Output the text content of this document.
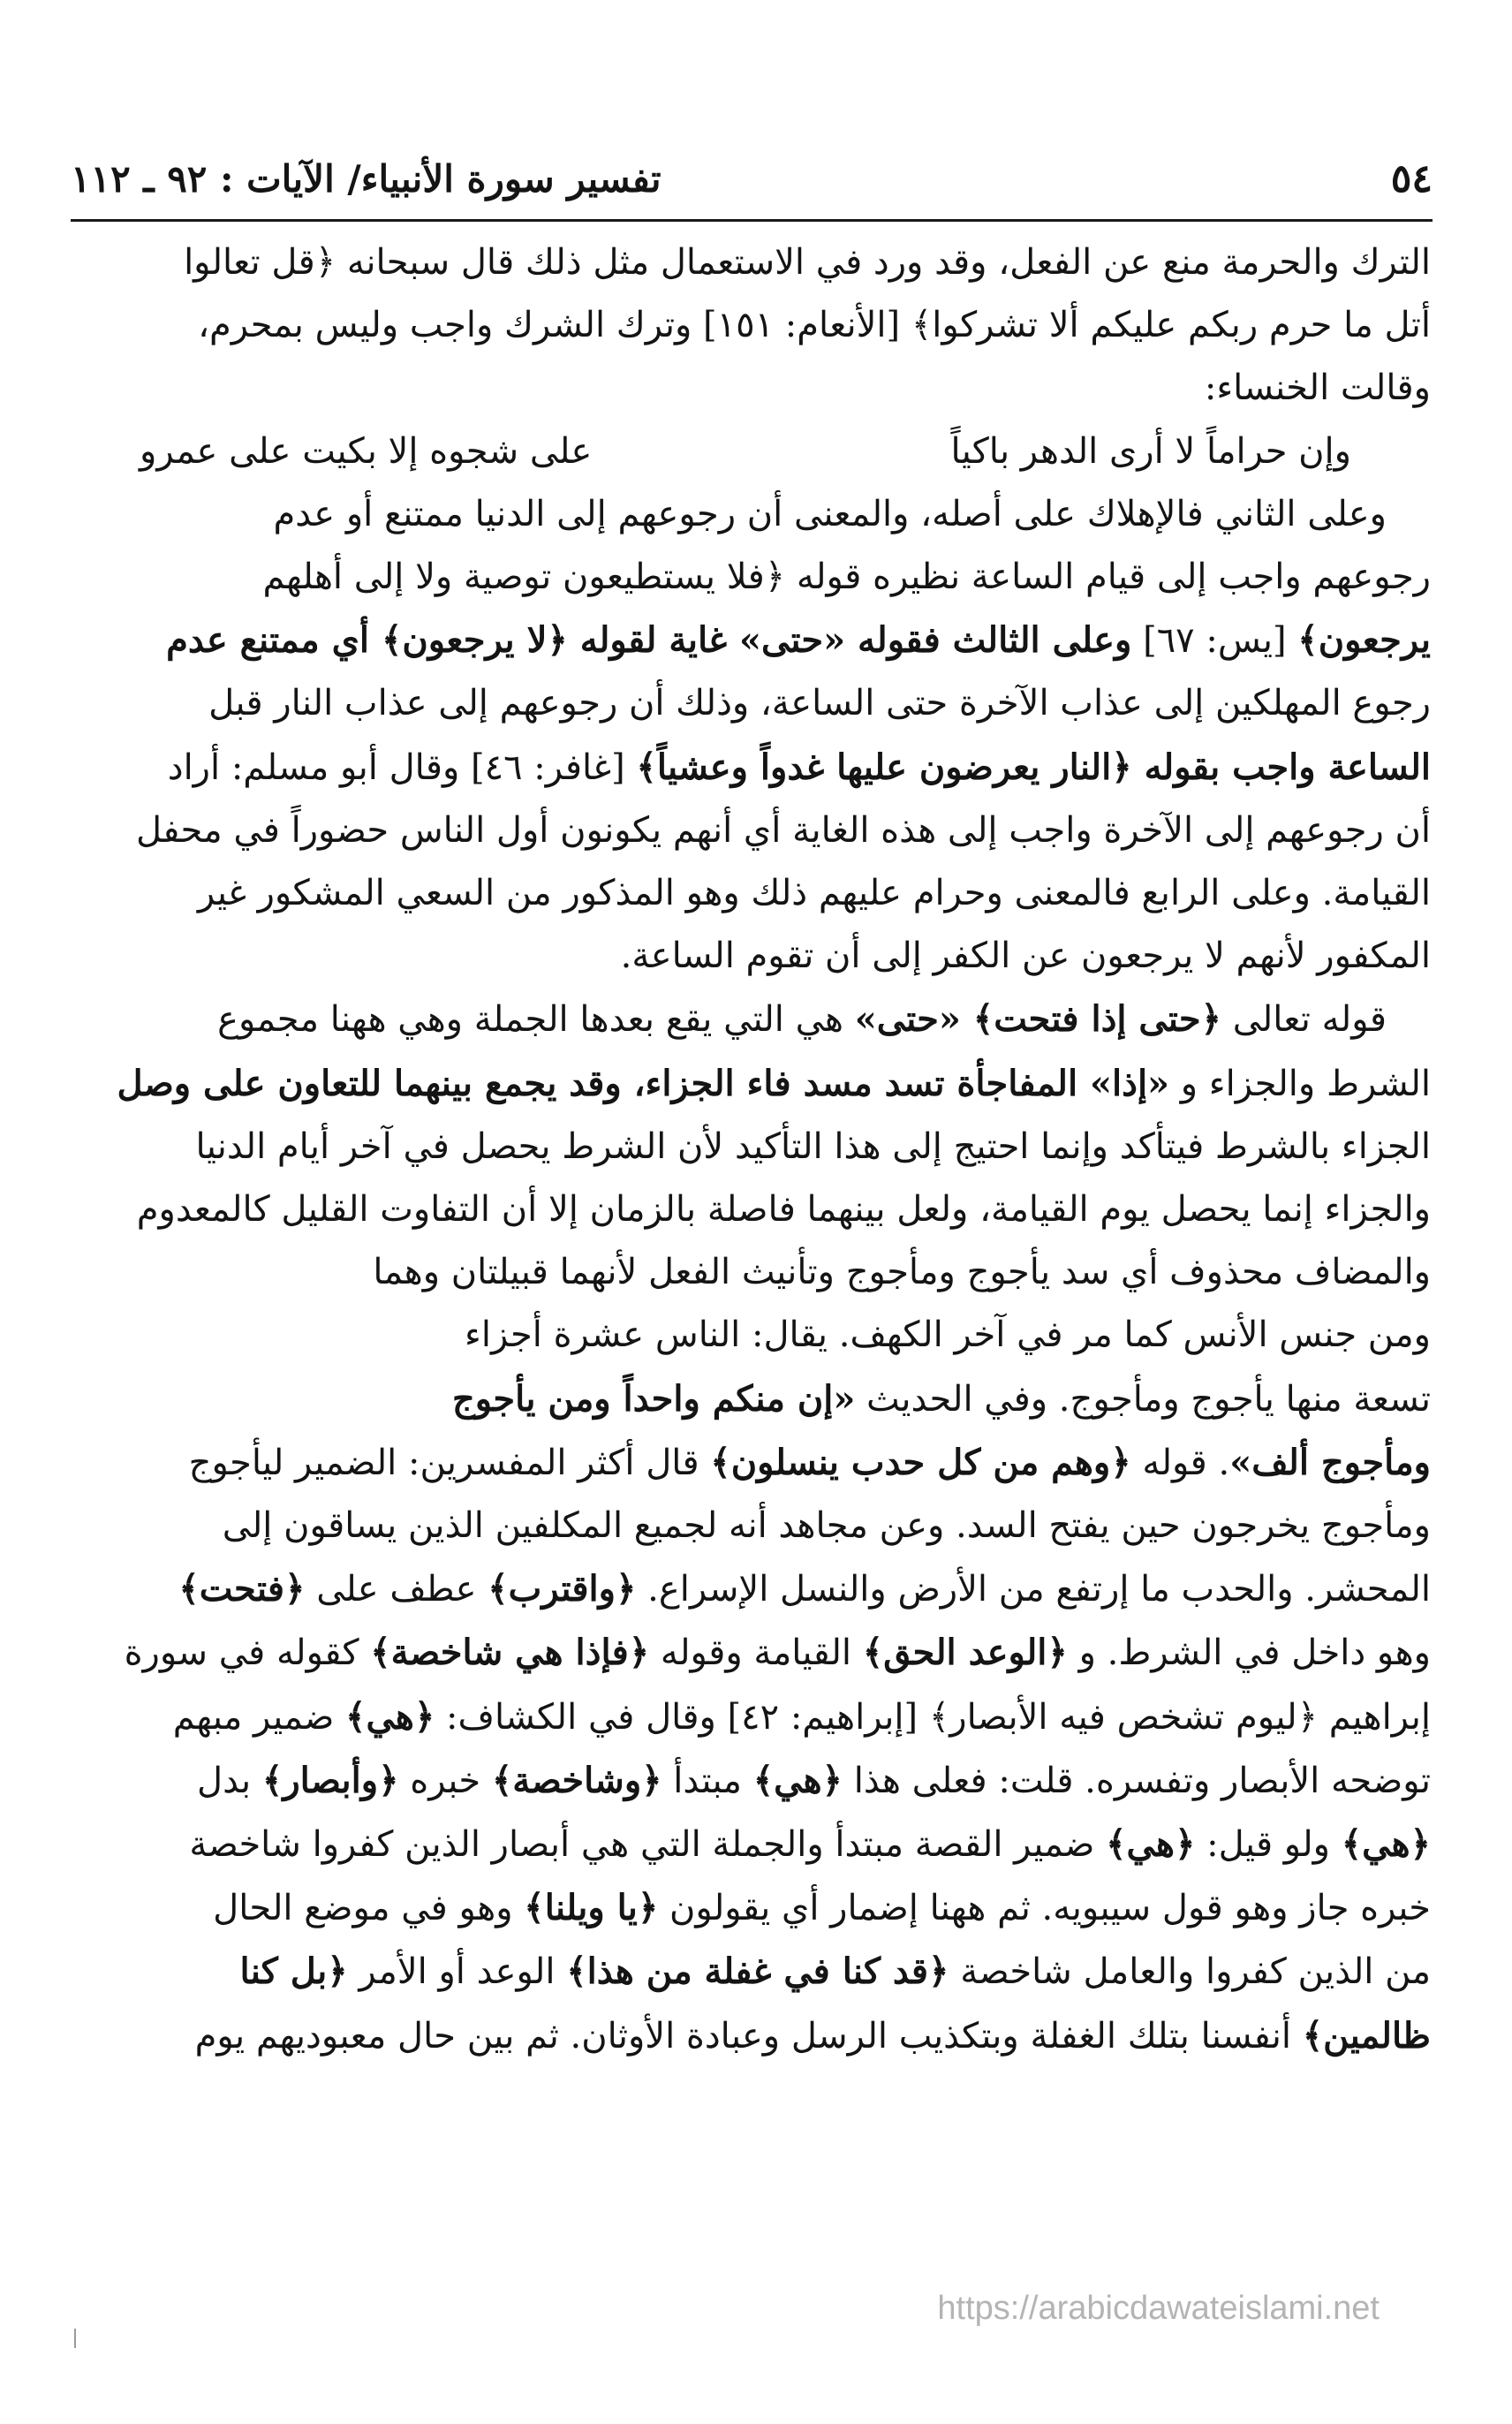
٥٤
تفسير سورة الأنبياء/ الآيات : ٩٢ ـ ١١٢

الترك والحرمة منع عن الفعل، وقد ورد في الاستعمال مثل ذلك قال سبحانه ﴿قل تعالوا

أتل ما حرم ربكم عليكم ألا تشركوا﴾ [الأنعام: ١٥١] وترك الشرك واجب وليس بمحرم،

وقالت الخنساء:

وإن حراماً لا أرى الدهر باكياً
على شجوه إلا بكيت على عمرو

وعلى الثاني فالإهلاك على أصله، والمعنى أن رجوعهم إلى الدنيا ممتنع أو عدم

رجوعهم واجب إلى قيام الساعة نظيره قوله ﴿فلا يستطيعون توصية ولا إلى أهلهم

يرجعون﴾ [يس: ٦٧] وعلى الثالث فقوله «حتى» غاية لقوله ﴿لا يرجعون﴾ أي ممتنع عدم

رجوع المهلكين إلى عذاب الآخرة حتى الساعة، وذلك أن رجوعهم إلى عذاب النار قبل

الساعة واجب بقوله ﴿النار يعرضون عليها غدواً وعشياً﴾ [غافر: ٤٦] وقال أبو مسلم: أراد

أن رجوعهم إلى الآخرة واجب إلى هذه الغاية أي أنهم يكونون أول الناس حضوراً في محفل

القيامة. وعلى الرابع فالمعنى وحرام عليهم ذلك وهو المذكور من السعي المشكور غير

المكفور لأنهم لا يرجعون عن الكفر إلى أن تقوم الساعة.

قوله تعالى ﴿حتى إذا فتحت﴾ «حتى» هي التي يقع بعدها الجملة وهي ههنا مجموع

الشرط والجزاء و «إذا» المفاجأة تسد مسد فاء الجزاء، وقد يجمع بينهما للتعاون على وصل

الجزاء بالشرط فيتأكد وإنما احتيج إلى هذا التأكيد لأن الشرط يحصل في آخر أيام الدنيا

والجزاء إنما يحصل يوم القيامة، ولعل بينهما فاصلة بالزمان إلا أن التفاوت القليل كالمعدوم

والمضاف محذوف أي سد يأجوج ومأجوج وتأنيث الفعل لأنهما قبيلتان وهما

ومن جنس الأنس كما مر في آخر الكهف. يقال: الناس عشرة أجزاء

تسعة منها يأجوج ومأجوج. وفي الحديث «إن منكم واحداً ومن يأجوج

ومأجوج ألف». قوله ﴿وهم من كل حدب ينسلون﴾ قال أكثر المفسرين: الضمير ليأجوج

ومأجوج يخرجون حين يفتح السد. وعن مجاهد أنه لجميع المكلفين الذين يساقون إلى

المحشر. والحدب ما إرتفع من الأرض والنسل الإسراع. ﴿واقترب﴾ عطف على ﴿فتحت﴾

وهو داخل في الشرط. و ﴿الوعد الحق﴾ القيامة وقوله ﴿فإذا هي شاخصة﴾ كقوله في سورة

إبراهيم ﴿ليوم تشخص فيه الأبصار﴾ [إبراهيم: ٤٢] وقال في الكشاف: ﴿هي﴾ ضمير مبهم

توضحه الأبصار وتفسره. قلت: فعلى هذا ﴿هي﴾ مبتدأ ﴿وشاخصة﴾ خبره ﴿وأبصار﴾ بدل

﴿هي﴾ ولو قيل: ﴿هي﴾ ضمير القصة مبتدأ والجملة التي هي أبصار الذين كفروا شاخصة

خبره جاز وهو قول سيبويه. ثم ههنا إضمار أي يقولون ﴿يا ويلنا﴾ وهو في موضع الحال

من الذين كفروا والعامل شاخصة ﴿قد كنا في غفلة من هذا﴾ الوعد أو الأمر ﴿بل كنا

ظالمين﴾ أنفسنا بتلك الغفلة وبتكذيب الرسل وعبادة الأوثان. ثم بين حال معبوديهم يوم

https://arabicdawateislami.net
